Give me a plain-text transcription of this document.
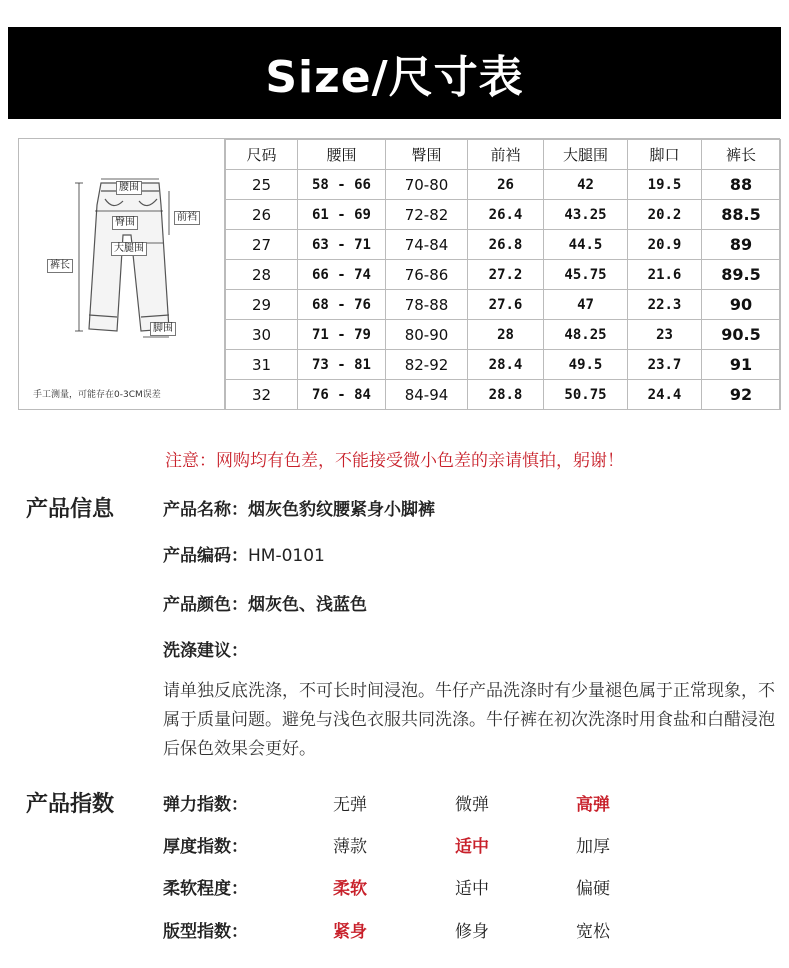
Size/尺寸表
腰围
臀围	前裆
大腿围
裤长
脚围
手工测量，可能存在0-3CM误差
尺码	腰围	臀围	前裆	大腿围	脚口	裤长
25	58 - 66	70-80	26	42	19.5	88
26	61 - 69	72-82	26.4	43.25	20.2	88.5
27	63 - 71	74-84	26.8	44.5	20.9	89
28	66 - 74	76-86	27.2	45.75	21.6	89.5
29	68 - 76	78-88	27.6	47	22.3	90
30	71 - 79	80-90	28	48.25	23	90.5
31	73 - 81	82-92	28.4	49.5	23.7	91
32	76 - 84	84-94	28.8	50.75	24.4	92
注意：网购均有色差，不能接受微小色差的亲请慎拍，躬谢！
产品信息	产品名称：烟灰色豹纹腰紧身小脚裤
产品编码：HM-0101
产品颜色：烟灰色、浅蓝色
洗涤建议：
请单独反底洗涤，不可长时间浸泡。牛仔产品洗涤时有少量褪色属于正常现象，不属于质量问题。避免与浅色衣服共同洗涤。牛仔裤在初次洗涤时用食盐和白醋浸泡后保色效果会更好。
产品指数	弹力指数：	无弹	微弹	高弹
厚度指数：	薄款	适中	加厚
柔软程度：	柔软	适中	偏硬
版型指数：	紧身	修身	宽松
